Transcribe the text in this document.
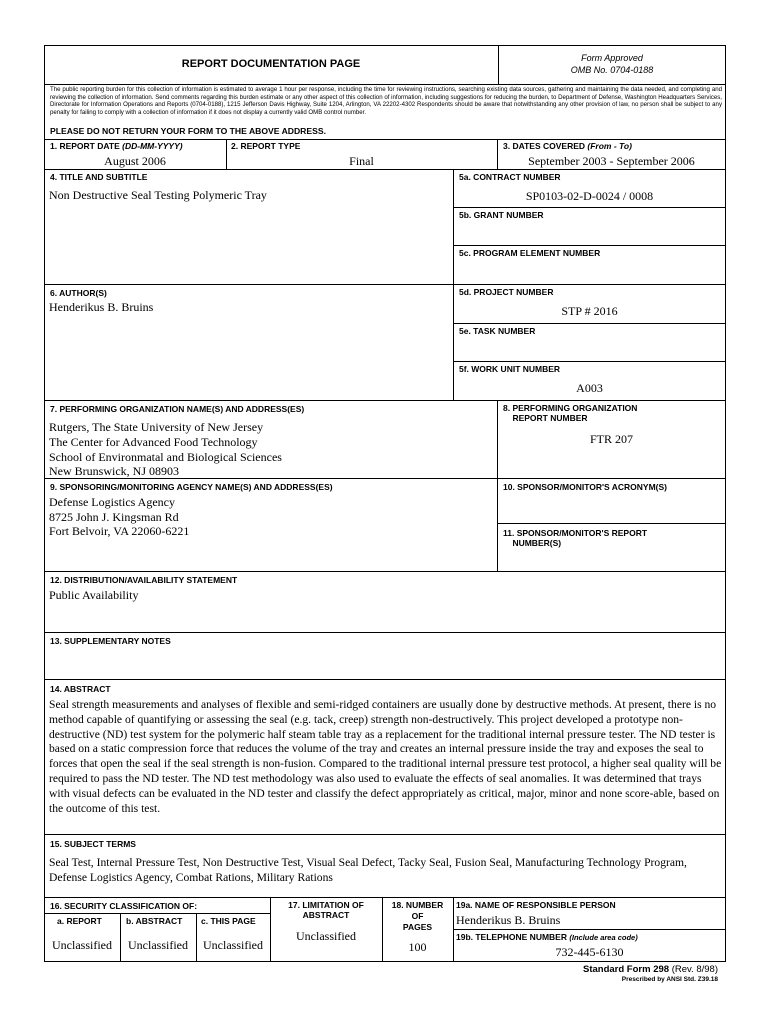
REPORT DOCUMENTATION PAGE	Form Approved
OMB No. 0704-0188
The public reporting burden for this collection of information is estimated to average 1 hour per response, including the time for reviewing instructions, searching existing data sources, gathering and maintaining the data needed, and completing and reviewing the collection of information. Send comments regarding this burden estimate or any other aspect of this collection of information, including suggestions for reducing the burden, to Department of Defense, Washington Headquarters Services, Directorate for Information Operations and Reports (0704-0188), 1215 Jefferson Davis Highway, Suite 1204, Arlington, VA 22202-4302 Respondents should be aware that notwithstanding any other provision of law, no person shall be subject to any penalty for failing to comply with a collection of information if it does not display a currently valid OMB control number.
PLEASE DO NOT RETURN YOUR FORM TO THE ABOVE ADDRESS.
1. REPORT DATE (DD-MM-YYYY)
August 2006
2. REPORT TYPE
Final
3. DATES COVERED (From - To)
September 2003 - September 2006
4. TITLE AND SUBTITLE
Non Destructive Seal Testing Polymeric Tray
5a. CONTRACT NUMBER
SP0103-02-D-0024 / 0008
5b. GRANT NUMBER
5c. PROGRAM ELEMENT NUMBER
6. AUTHOR(S)
Henderikus B. Bruins
5d. PROJECT NUMBER
STP # 2016
5e. TASK NUMBER
5f. WORK UNIT NUMBER
A003
7. PERFORMING ORGANIZATION NAME(S) AND ADDRESS(ES)
Rutgers, The State University of New Jersey
The Center for Advanced Food Technology
School of Environmatal and Biological Sciences
New Brunswick, NJ 08903
8. PERFORMING ORGANIZATION
REPORT NUMBER
FTR 207
9. SPONSORING/MONITORING AGENCY NAME(S) AND ADDRESS(ES)
Defense Logistics Agency
8725 John J. Kingsman Rd
Fort Belvoir, VA 22060-6221
10. SPONSOR/MONITOR'S ACRONYM(S)
11. SPONSOR/MONITOR'S REPORT
NUMBER(S)
12. DISTRIBUTION/AVAILABILITY STATEMENT
Public Availability
13. SUPPLEMENTARY NOTES
14. ABSTRACT
Seal strength measurements and analyses of flexible and semi-ridged containers are usually done by destructive methods. At present, there is no method capable of quantifying or assessing the seal (e.g. tack, creep) strength non-destructively. This project developed a prototype non-destructive (ND) test system for the polymeric half steam table tray as a replacement for the traditional internal pressure tester. The ND tester is based on a static compression force that reduces the volume of the tray and creates an internal pressure inside the tray and exposes the seal to forces that open the seal if the seal strength is non-fusion. Compared to the traditional internal pressure test protocol, a higher seal quality will be required to pass the ND tester. The ND test methodology was also used to evaluate the effects of seal anomalies. It was determined that trays with visual defects can be evaluated in the ND tester and classify the defect appropriately as critical, major, minor and none score-able, based on the outcome of this test.
15. SUBJECT TERMS
Seal Test, Internal Pressure Test, Non Destructive Test, Visual Seal Defect, Tacky Seal, Fusion Seal, Manufacturing Technology Program, Defense Logistics Agency, Combat Rations, Military Rations
16. SECURITY CLASSIFICATION OF:
a. REPORT	b. ABSTRACT c. THIS PAGE
Unclassified	Unclassified	Unclassified
17. LIMITATION OF
ABSTRACT
Unclassified
18. NUMBER
OF
PAGES
100
19a. NAME OF RESPONSIBLE PERSON
Henderikus B. Bruins
19b. TELEPHONE NUMBER (Include area code)
732-445-6130
Standard Form 298 (Rev. 8/98)
Prescribed by ANSI Std. Z39.18
